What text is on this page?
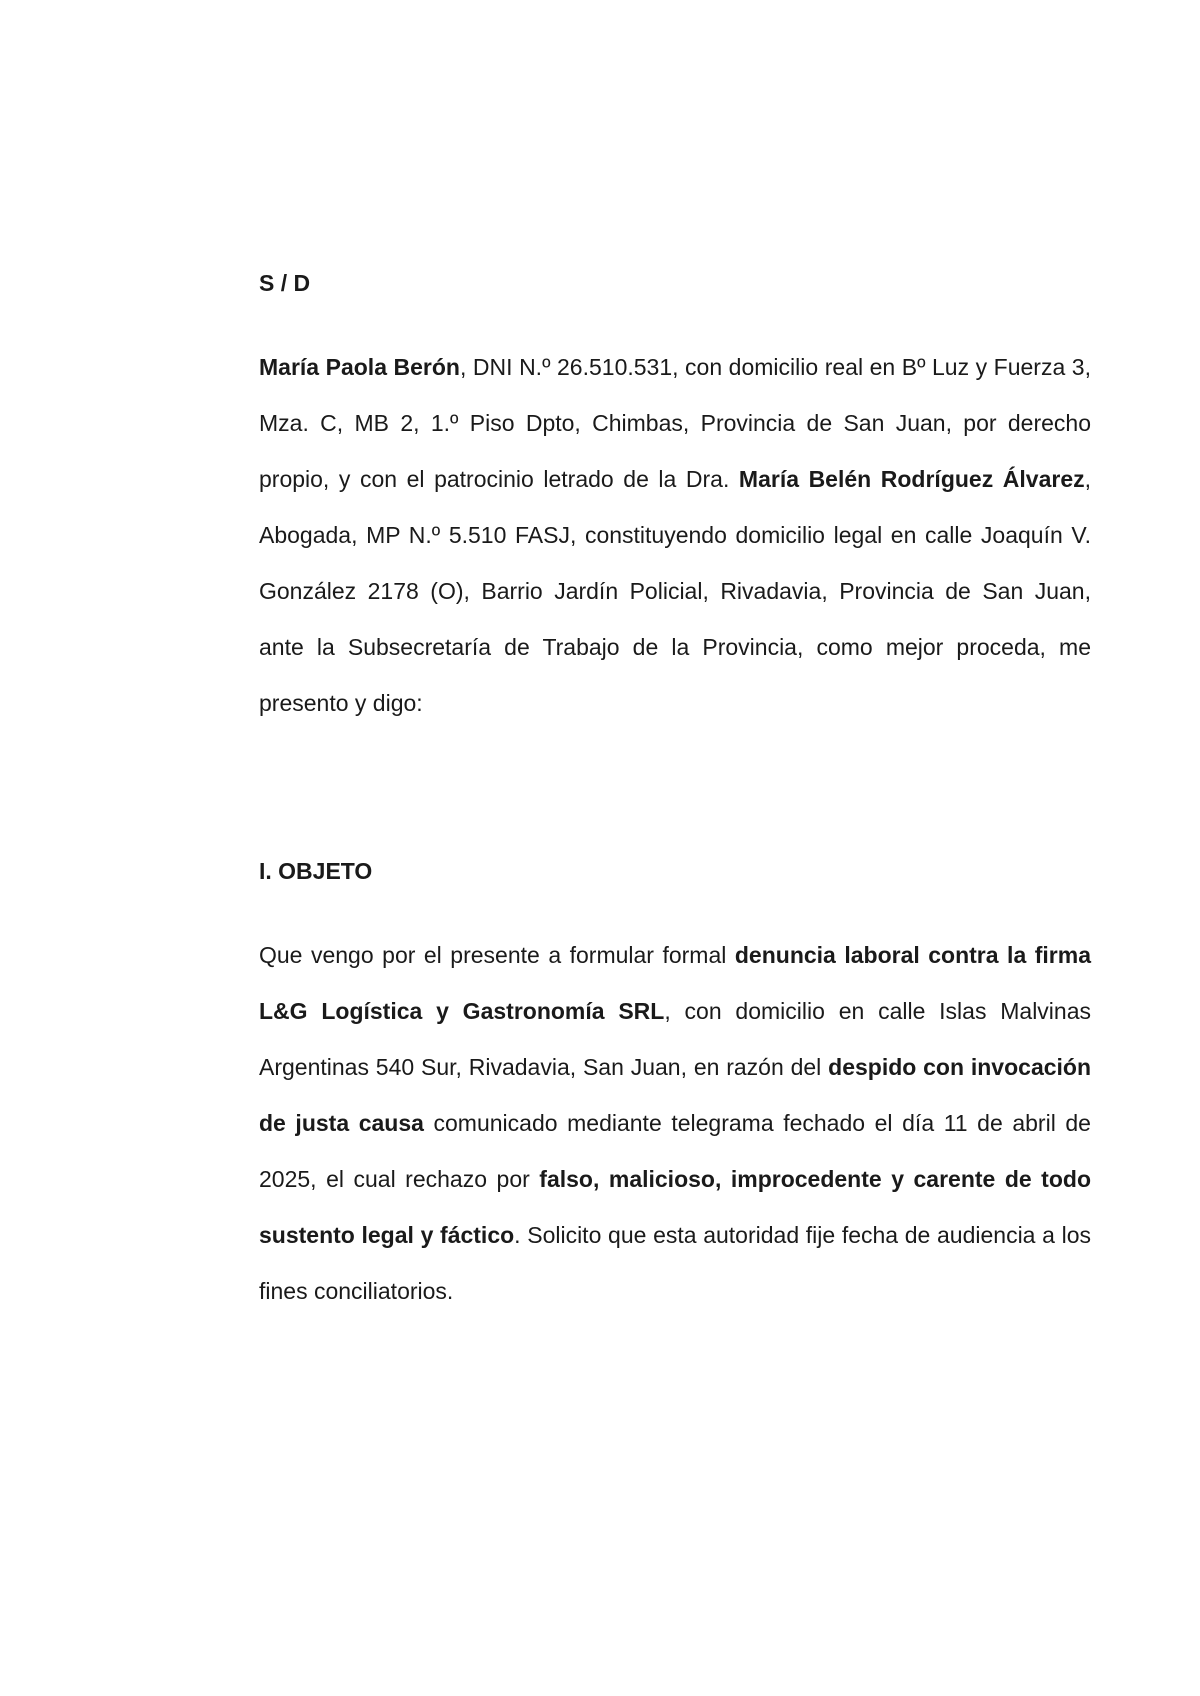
S / D

María Paola Berón, DNI N.º 26.510.531, con domicilio real en Bº Luz y Fuerza 3, Mza. C, MB 2, 1.º Piso Dpto, Chimbas, Provincia de San Juan, por derecho propio, y con el patrocinio letrado de la Dra. María Belén Rodríguez Álvarez, Abogada, MP N.º 5.510 FASJ, constituyendo domicilio legal en calle Joaquín V. González 2178 (O), Barrio Jardín Policial, Rivadavia, Provincia de San Juan, ante la Subsecretaría de Trabajo de la Provincia, como mejor proceda, me presento y digo:

I. OBJETO

Que vengo por el presente a formular formal denuncia laboral contra la firma L&G Logística y Gastronomía SRL, con domicilio en calle Islas Malvinas Argentinas 540 Sur, Rivadavia, San Juan, en razón del despido con invocación de justa causa comunicado mediante telegrama fechado el día 11 de abril de 2025, el cual rechazo por falso, malicioso, improcedente y carente de todo sustento legal y fáctico. Solicito que esta autoridad fije fecha de audiencia a los fines conciliatorios.
